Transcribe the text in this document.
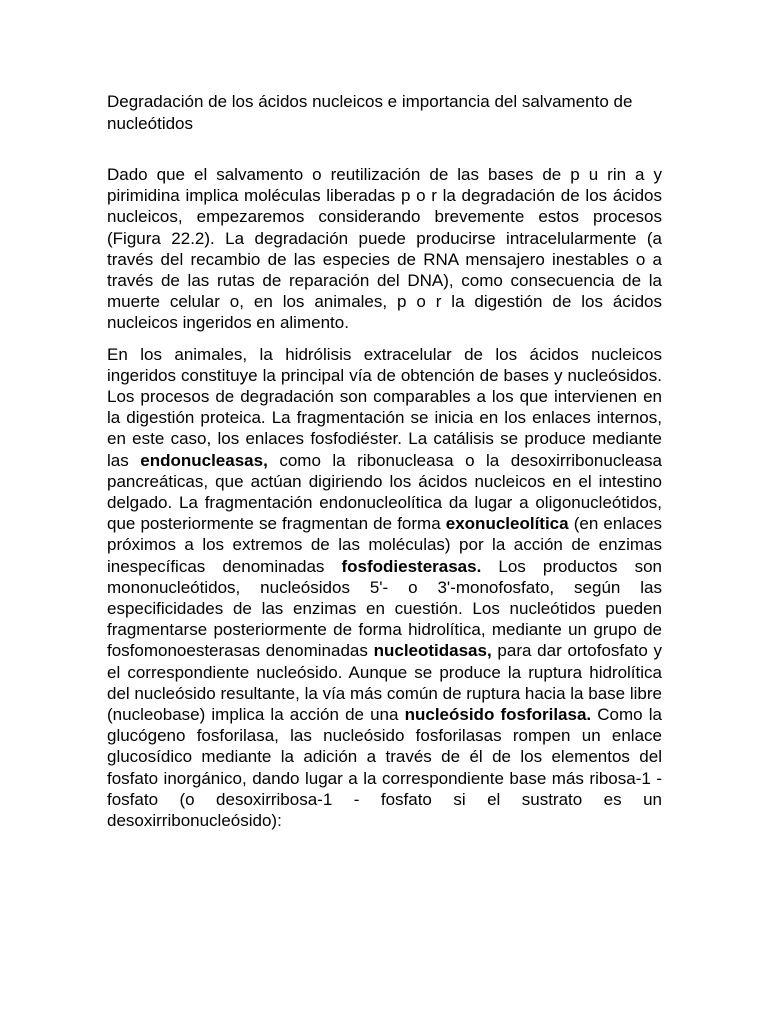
Degradación de los ácidos nucleicos e importancia del salvamento de nucleótidos

Dado que el salvamento o reutilización de las bases de p u rin a y pirimidina implica moléculas liberadas p o r la degradación de los ácidos nucleicos, empezaremos considerando brevemente estos procesos (Figura 22.2). La degradación puede producirse intracelularmente (a través del recambio de las especies de RNA mensajero inestables o a través de las rutas de reparación del DNA), como consecuencia de la muerte celular o, en los animales, p o r la digestión de los ácidos nucleicos ingeridos en alimento.

En los animales, la hidrólisis extracelular de los ácidos nucleicos ingeridos constituye la principal vía de obtención de bases y nucleósidos. Los procesos de degradación son comparables a los que intervienen en la digestión proteica. La fragmentación se inicia en los enlaces internos, en este caso, los enlaces fosfodiéster. La catálisis se produce mediante las endonucleasas, como la ribonucleasa o la desoxirribonucleasa pancreáticas, que actúan digiriendo los ácidos nucleicos en el intestino delgado. La fragmentación endonucleolítica da lugar a oligonucleótidos, que posteriormente se fragmentan de forma exonucleolítica (en enlaces próximos a los extremos de las moléculas) por la acción de enzimas inespecíficas denominadas fosfodiesterasas. Los productos son mononucleótidos, nucleósidos 5'- o 3'-monofosfato, según las especificidades de las enzimas en cuestión. Los nucleótidos pueden fragmentarse posteriormente de forma hidrolítica, mediante un grupo de fosfomonoesterasas denominadas nucleotidasas, para dar ortofosfato y el correspondiente nucleósido. Aunque se produce la ruptura hidrolítica del nucleósido resultante, la vía más común de ruptura hacia la base libre (nucleobase) implica la acción de una nucleósido fosforilasa. Como la glucógeno fosforilasa, las nucleósido fosforilasas rompen un enlace glucosídico mediante la adición a través de él de los elementos del fosfato inorgánico, dando lugar a la correspondiente base más ribosa-1 -fosfato (o desoxirribosa-1 - fosfato si el sustrato es un desoxirribonucleósido):
